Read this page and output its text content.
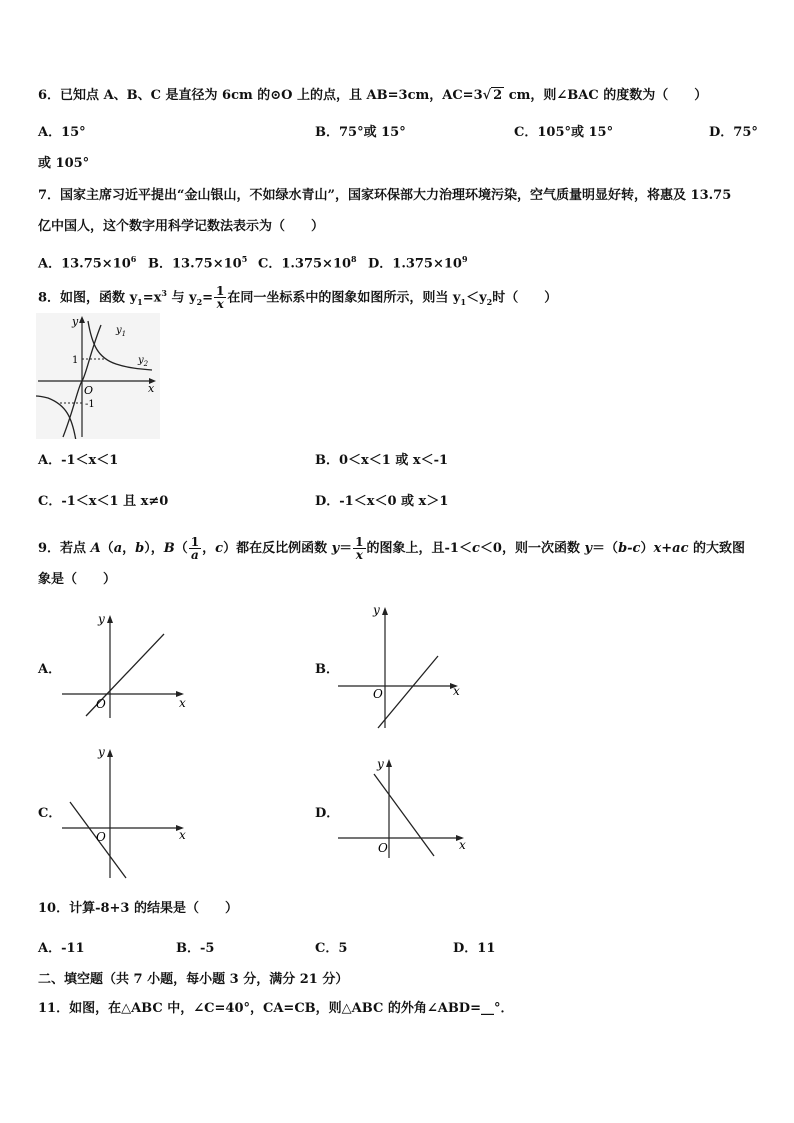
6．已知点 A、B、C 是直径为 6cm 的⊙O 上的点，且 AB=3cm，AC=3√ 2 cm，则∠BAC 的度数为（　　）
A．15°	B．75°或 15°	C．105°或 15°	D．75°
或 105°
7．国家主席习近平提出“金山银山，不如绿水青山”，国家环保部大力治理环境污染，空气质量明显好转，将惠及 13.75
亿中国人，这个数字用科学记数法表示为（　　）
A．$13.75\times 10^6$ B．$13.75\times 10^5$ C．$1.375\times 10^8$ D．$1.375\times 10^9$
8．如图，函数 $y_1=x^3$ 与 $y_2= \frac{1}{x}$ 在同一坐标系中的图象如图所示，则当 $y_1<y_2$时（　　）
y
x
O
1
-1
$y_1$
$y_2$
A．-1＜x＜1	B．0＜x＜1 或 x＜-1
C．-1＜x＜1 且 x≠0	D．-1＜x＜0 或 x＞1
9．若点 A（a，b），$B( \frac{1}{a}$ ，c）都在反比例函数 $y= \frac{1}{x}$ 的图象上，且-1＜c＜0，则一次函数 y＝（b-c）x+ac 的大致图
象是（　　）
A．
y
x
O
B．
y
x
O
C．
y
x
O
D．
y
x
O
10．计算-8+3 的结果是（　　）
A．-11	B．-5	C．5	D．11
二、填空题（共 7 小题，每小题 3 分，满分 21 分）
11．如图，在△ABC 中，∠C=40°，CA=CB，则△ABC 的外角∠ABD=__°．
